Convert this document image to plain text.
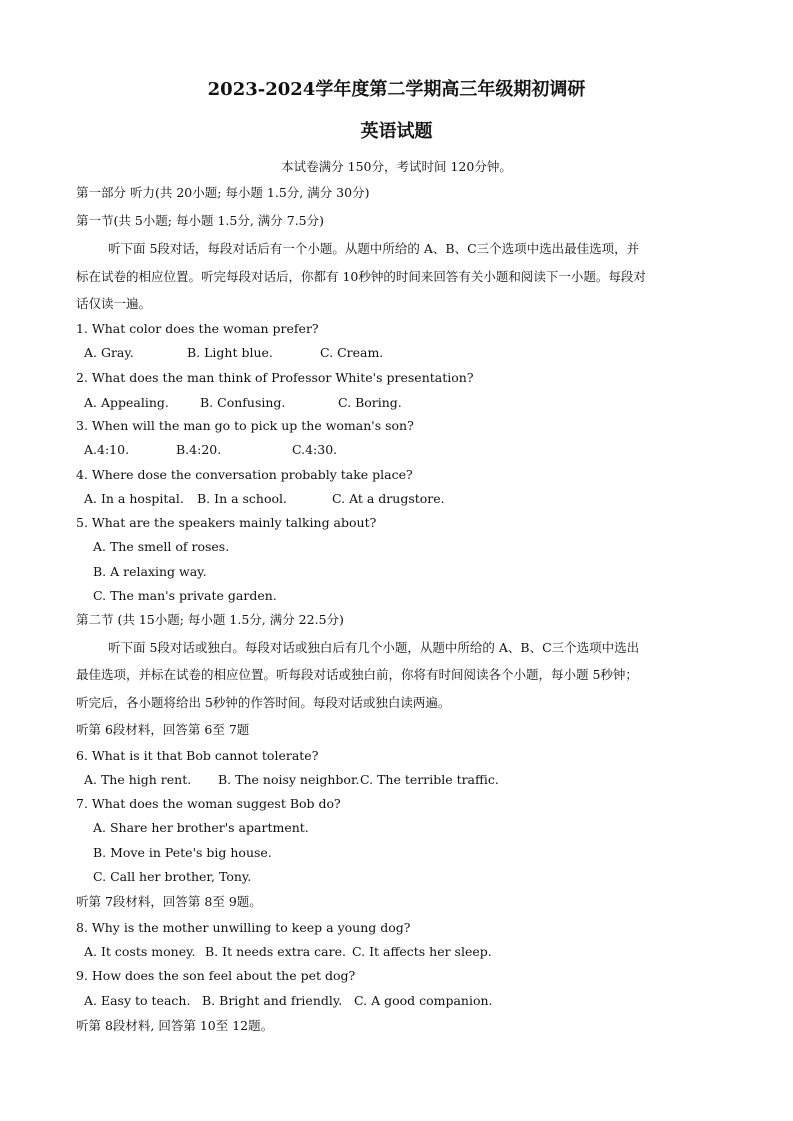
2023-2024学年度第二学期高三年级期初调研
英语试题
本试卷满分 150分，考试时间 120分钟。
第一部分 听力(共 20小题; 每小题 1.5分, 满分 30分)
第一节(共 5小题; 每小题 1.5分, 满分 7.5分)
听下面 5段对话，每段对话后有一个小题。从题中所给的 A、B、C三个选项中选出最佳选项，并
标在试卷的相应位置。听完每段对话后，你都有 10秒钟的时间来回答有关小题和阅读下一小题。每段对
话仅读一遍。
1. What color does the woman prefer?
A. Gray.	B. Light blue.	C. Cream.
2. What does the man think of Professor White's presentation?
A. Appealing. B. Confusing.	C. Boring.
3. When will the man go to pick up the woman's son?
A.4:10.	B.4:20.	C.4:30.
4. Where dose the conversation probably take place?
A. In a hospital. B. In a school.	C. At a drugstore.
5. What are the speakers mainly talking about?
A. The smell of roses.
B. A relaxing way.
C. The man's private garden.
第二节 (共 15小题; 每小题 1.5分, 满分 22.5分)
听下面 5段对话或独白。每段对话或独白后有几个小题，从题中所给的 A、B、C三个选项中选出
最佳选项，并标在试卷的相应位置。听每段对话或独白前，你将有时间阅读各个小题，每小题 5秒钟；
听完后，各小题将给出 5秒钟的作答时间。每段对话或独白读两遍。
听第 6段材料，回答第 6至 7题
6. What is it that Bob cannot tolerate?
A. The high rent. B. The noisy neighbor. C. The terrible traffic.
7. What does the woman suggest Bob do?
A. Share her brother's apartment.
B. Move in Pete's big house.
C. Call her brother, Tony.
听第 7段材料，回答第 8至 9题。
8. Why is the mother unwilling to keep a young dog?
A. It costs money. B. It needs extra care. C. It affects her sleep.
9. How does the son feel about the pet dog?
A. Easy to teach. B. Bright and friendly. C. A good companion.
听第 8段材料, 回答第 10至 12题。
